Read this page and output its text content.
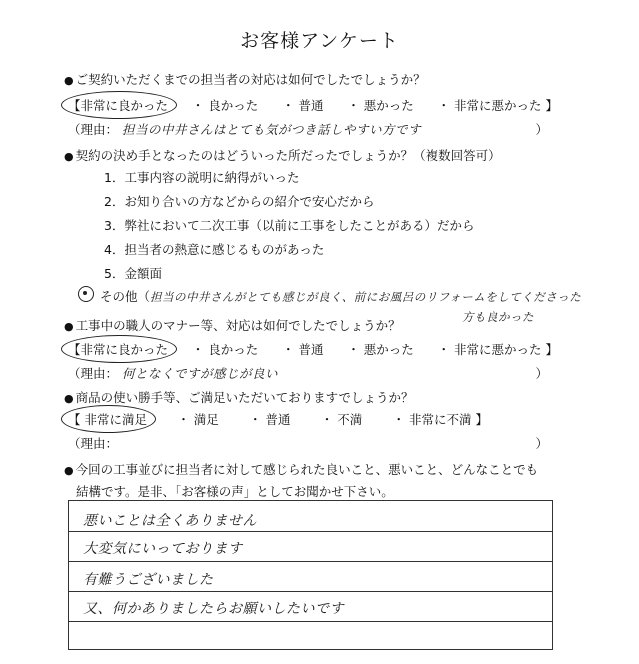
お客様アンケート
● ご契約いただくまでの担当者の対応は如何でしたでしょうか？
【非常に良かった ・ 良かった ・ 普通 ・ 悪かった ・ 非常に悪かった 】
（理由： 担当の中井さんはとても気がつき話しやすい方です	）
● 契約の決め手となったのはどういった所だったでしょうか？（複数回答可）
1．工事内容の説明に納得がいった
2．お知り合いの方などからの紹介で安心だから
3．弊社において二次工事（以前に工事をしたことがある）だから
4．担当者の熱意に感じるものがあった
5．金額面
その他（担当の中井さんがとても感じが良く、前にお風呂のリフォームをしてくださった
方も良かった
● 工事中の職人のマナー等、対応は如何でしたでしょうか？
【非常に良かった ・ 良かった ・ 普通 ・ 悪かった ・ 非常に悪かった 】
（理由： 何となくですが感じが良い	）
● 商品の使い勝手等、ご満足いただいておりますでしょうか？
【 非常に満足 ・ 満足 ・ 普通 ・ 不満 ・ 非常に不満 】
（理由：	）
● 今回の工事並びに担当者に対して感じられた良いこと、悪いこと、どんなことでも
結構です。是非、「お客様の声」としてお聞かせ下さい。
悪いことは全くありません
大変気にいっております
有難うございました
又、何かありましたらお願いしたいです
